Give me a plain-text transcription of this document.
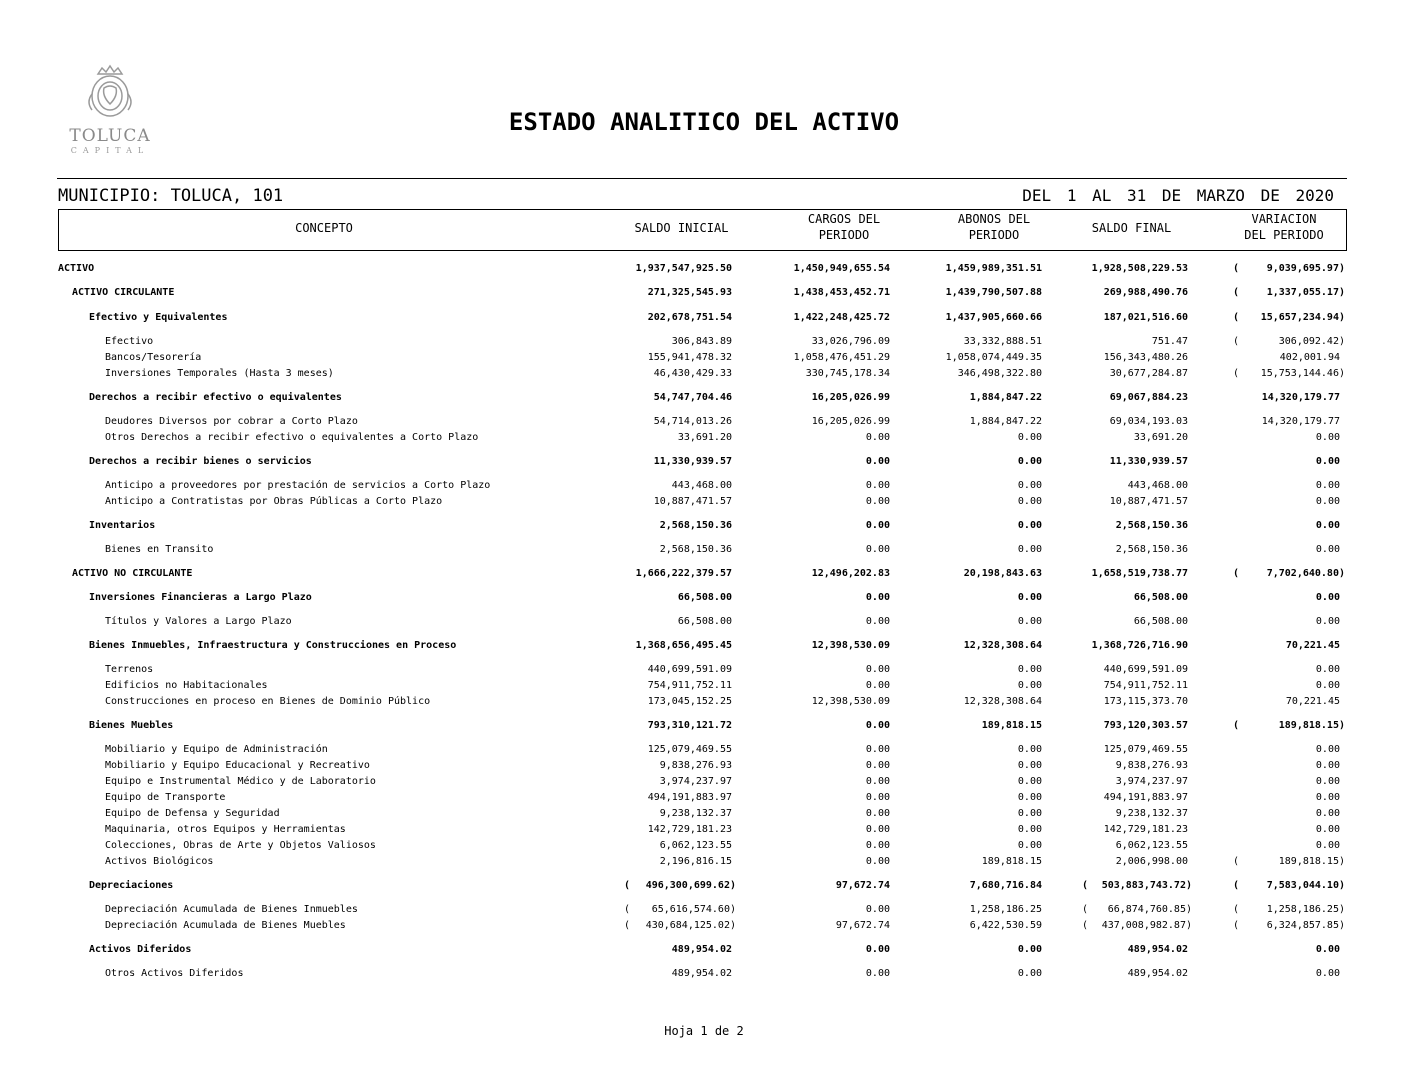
TOLUCA
CAPITAL
ESTADO ANALITICO DEL ACTIVO
MUNICIPIO: TOLUCA, 101	DEL 1 AL 31 DE MARZO DE 2020
CONCEPTO	SALDO INICIAL
CARGOS DEL
PERIODO
ABONOS DEL
PERIODO	SALDO FINAL
VARIACION
DEL PERIODO
ACTIVO	1,937,547,925.50	1,450,949,655.54	1,459,989,351.51	1,928,508,229.53	(	9,039,695.97)
ACTIVO CIRCULANTE	271,325,545.93	1,438,453,452.71	1,439,790,507.88	269,988,490.76	(	1,337,055.17)
Efectivo y Equivalentes	202,678,751.54	1,422,248,425.72	1,437,905,660.66	187,021,516.60	( 15,657,234.94)
Efectivo	306,843.89	33,026,796.09	33,332,888.51	751.47	(	306,092.42)
Bancos/Tesorería	155,941,478.32	1,058,476,451.29	1,058,074,449.35	156,343,480.26	402,001.94
Inversiones Temporales (Hasta 3 meses)	46,430,429.33	330,745,178.34	346,498,322.80	30,677,284.87	( 15,753,144.46)
Derechos a recibir efectivo o equivalentes	54,747,704.46	16,205,026.99	1,884,847.22	69,067,884.23	14,320,179.77
Deudores Diversos por cobrar a Corto Plazo	54,714,013.26	16,205,026.99	1,884,847.22	69,034,193.03	14,320,179.77
Otros Derechos a recibir efectivo o equivalentes a Corto Plazo	33,691.20	0.00	0.00	33,691.20	0.00
Derechos a recibir bienes o servicios	11,330,939.57	0.00	0.00	11,330,939.57	0.00
Anticipo a proveedores por prestación de servicios a Corto Plazo	443,468.00	0.00	0.00	443,468.00	0.00
Anticipo a Contratistas por Obras Públicas a Corto Plazo	10,887,471.57	0.00	0.00	10,887,471.57	0.00
Inventarios	2,568,150.36	0.00	0.00	2,568,150.36	0.00
Bienes en Transito	2,568,150.36	0.00	0.00	2,568,150.36	0.00
ACTIVO NO CIRCULANTE	1,666,222,379.57	12,496,202.83	20,198,843.63	1,658,519,738.77	(	7,702,640.80)
Inversiones Financieras a Largo Plazo	66,508.00	0.00	0.00	66,508.00	0.00
Títulos y Valores a Largo Plazo	66,508.00	0.00	0.00	66,508.00	0.00
Bienes Inmuebles, Infraestructura y Construcciones en Proceso	1,368,656,495.45	12,398,530.09	12,328,308.64	1,368,726,716.90	70,221.45
Terrenos	440,699,591.09	0.00	0.00	440,699,591.09	0.00
Edificios no Habitacionales	754,911,752.11	0.00	0.00	754,911,752.11	0.00
Construcciones en proceso en Bienes de Dominio Público	173,045,152.25	12,398,530.09	12,328,308.64	173,115,373.70	70,221.45
Bienes Muebles	793,310,121.72	0.00	189,818.15	793,120,303.57	(	189,818.15)
Mobiliario y Equipo de Administración	125,079,469.55	0.00	0.00	125,079,469.55	0.00
Mobiliario y Equipo Educacional y Recreativo	9,838,276.93	0.00	0.00	9,838,276.93	0.00
Equipo e Instrumental Médico y de Laboratorio	3,974,237.97	0.00	0.00	3,974,237.97	0.00
Equipo de Transporte	494,191,883.97	0.00	0.00	494,191,883.97	0.00
Equipo de Defensa y Seguridad	9,238,132.37	0.00	0.00	9,238,132.37	0.00
Maquinaria, otros Equipos y Herramientas	142,729,181.23	0.00	0.00	142,729,181.23	0.00
Colecciones, Obras de Arte y Objetos Valiosos	6,062,123.55	0.00	0.00	6,062,123.55	0.00
Activos Biológicos	2,196,816.15	0.00	189,818.15	2,006,998.00	(	189,818.15)
Depreciaciones	( 496,300,699.62)	97,672.74	7,680,716.84	( 503,883,743.72)	(	7,583,044.10)
Depreciación Acumulada de Bienes Inmuebles	( 65,616,574.60)	0.00	1,258,186.25	( 66,874,760.85)	(	1,258,186.25)
Depreciación Acumulada de Bienes Muebles	( 430,684,125.02)	97,672.74	6,422,530.59	( 437,008,982.87)	(	6,324,857.85)
Activos Diferidos	489,954.02	0.00	0.00	489,954.02	0.00
Otros Activos Diferidos	489,954.02	0.00	0.00	489,954.02	0.00
Hoja 1 de 2
